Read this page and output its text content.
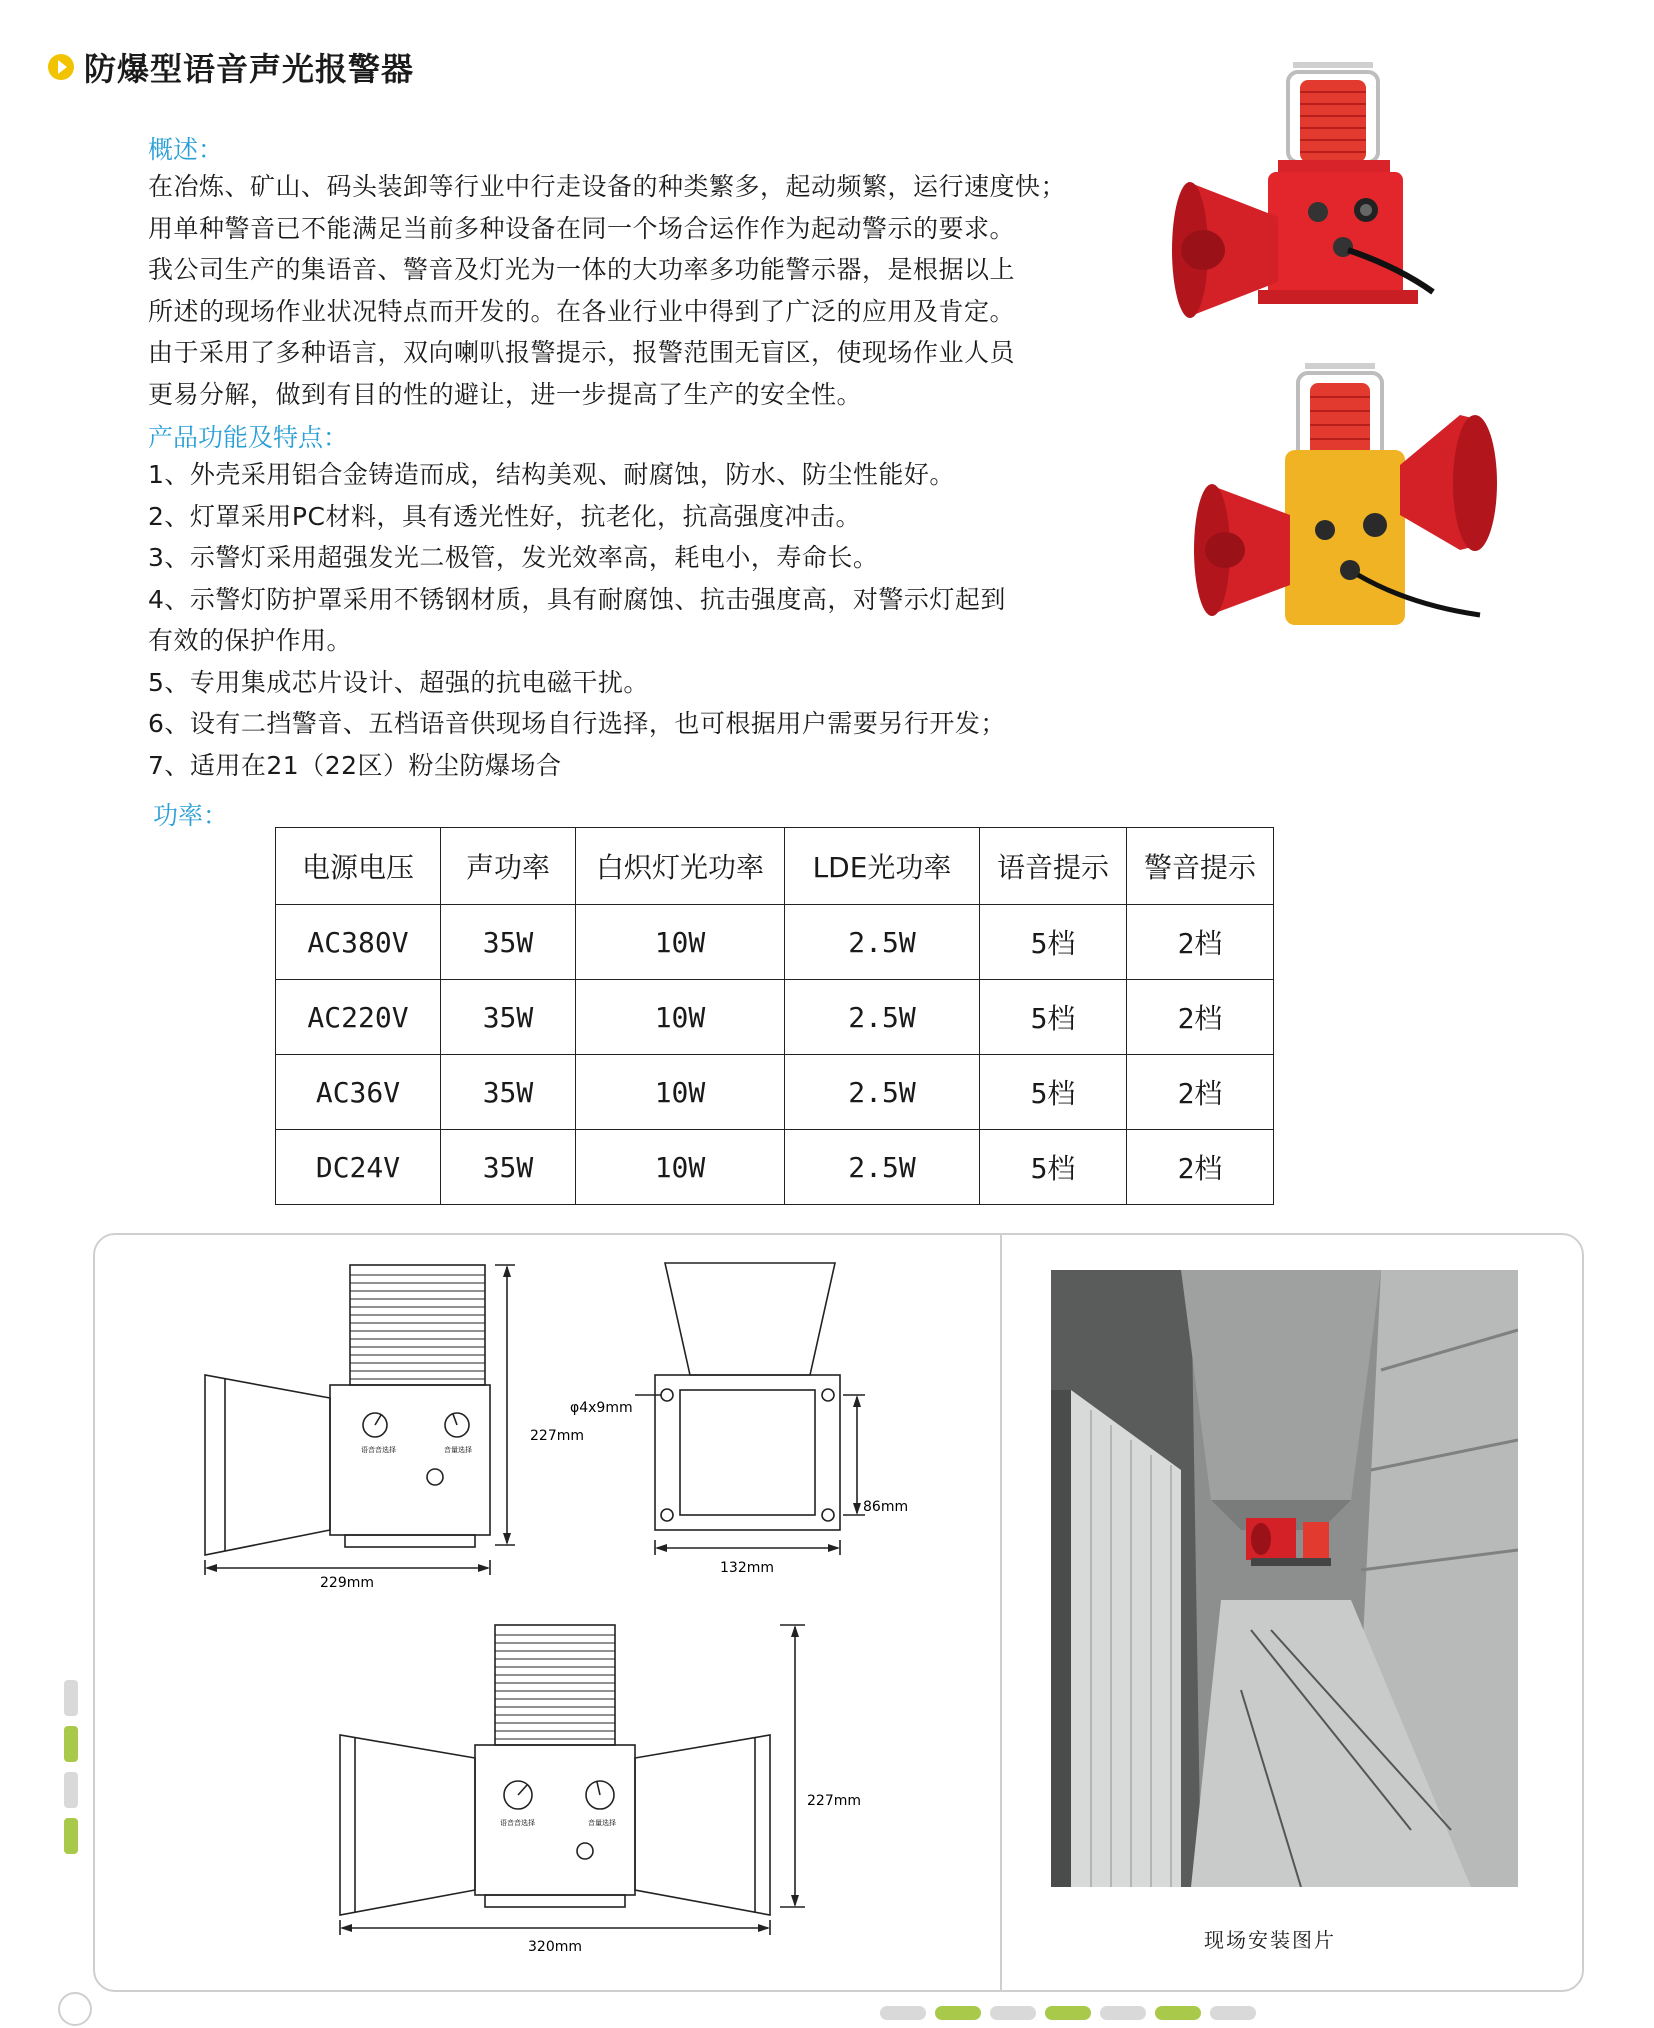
防爆型语音声光报警器
概述：
在冶炼、矿山、码头装卸等行业中行走设备的种类繁多，起动频繁，运行速度快；
用单种警音已不能满足当前多种设备在同一个场合运作作为起动警示的要求。
我公司生产的集语音、警音及灯光为一体的大功率多功能警示器，是根据以上
所述的现场作业状况特点而开发的。在各业行业中得到了广泛的应用及肯定。
由于采用了多种语言，双向喇叭报警提示，报警范围无盲区，使现场作业人员
更易分解，做到有目的性的避让，进一步提高了生产的安全性。
产品功能及特点：
1、外壳采用铝合金铸造而成，结构美观、耐腐蚀，防水、防尘性能好。
2、灯罩采用PC材料，具有透光性好，抗老化，抗高强度冲击。
3、示警灯采用超强发光二极管，发光效率高，耗电小，寿命长。
4、示警灯防护罩采用不锈钢材质，具有耐腐蚀、抗击强度高，对警示灯起到
有效的保护作用。
5、专用集成芯片设计、超强的抗电磁干扰。
6、设有二挡警音、五档语音供现场自行选择，也可根据用户需要另行开发；
7、适用在21（22区）粉尘防爆场合
功率：
电源电压	声功率	白炽灯光功率	LDE光功率	语音提示	警音提示
AC380V	35W	10W	2.5W	5档	2档
AC220V	35W	10W	2.5W	5档	2档
AC36V	35W	10W	2.5W	5档	2档
DC24V	35W	10W	2.5W	5档	2档
229mm
227mm
语音音选择	音量选择
φ4x9mm
132mm
86mm
320mm
227mm
语音音选择	音量选择
现场安装图片
